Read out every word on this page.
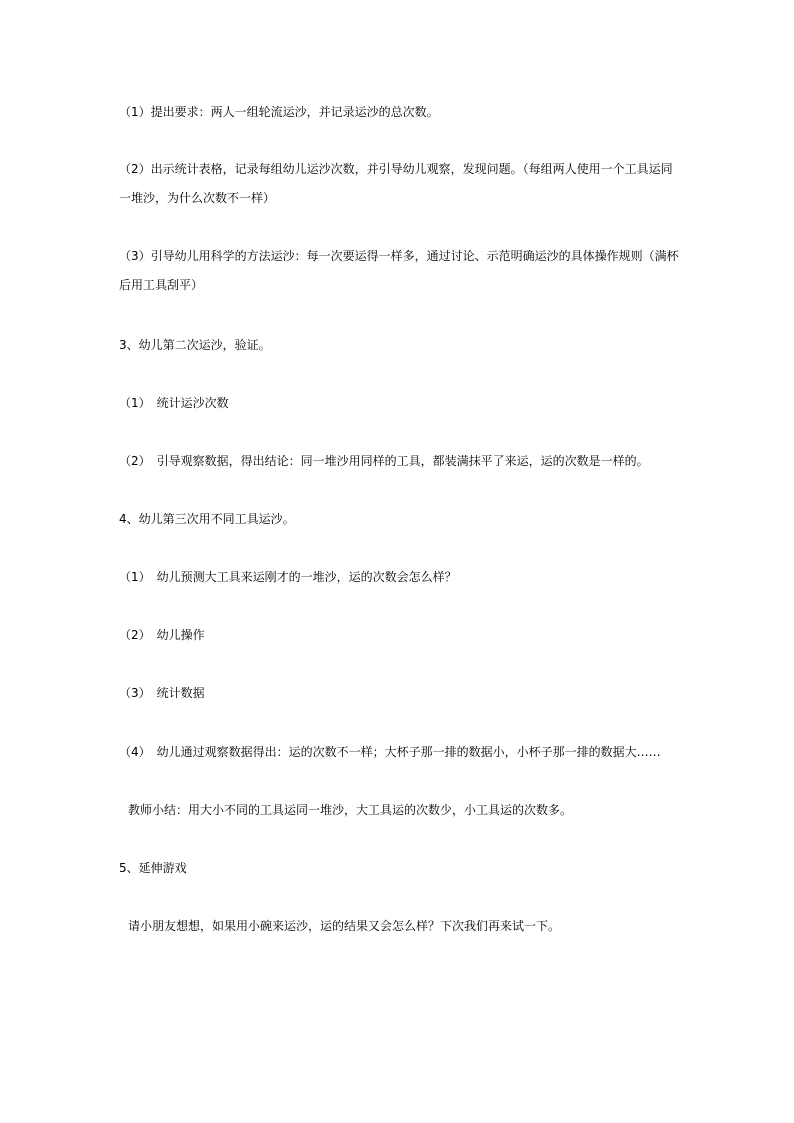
（1）提出要求：两人一组轮流运沙，并记录运沙的总次数。
（2）出示统计表格，记录每组幼儿运沙次数，并引导幼儿观察，发现问题。（每组两人使用一个工具运同一堆沙，为什么次数不一样）
（3）引导幼儿用科学的方法运沙：每一次要运得一样多，通过讨论、示范明确运沙的具体操作规则（满杯后用工具刮平）
3、幼儿第二次运沙，验证。
（1）　统计运沙次数
（2）　引导观察数据，得出结论：同一堆沙用同样的工具，都装满抹平了来运，运的次数是一样的。
4、幼儿第三次用不同工具运沙。
（1）　幼儿预测大工具来运刚才的一堆沙，运的次数会怎么样？
（2）　幼儿操作
（3）　统计数据
（4）　幼儿通过观察数据得出：运的次数不一样；大杯子那一排的数据小，小杯子那一排的数据大……
教师小结：用大小不同的工具运同一堆沙，大工具运的次数少，小工具运的次数多。
5、延伸游戏
请小朋友想想，如果用小碗来运沙，运的结果又会怎么样？下次我们再来试一下。
